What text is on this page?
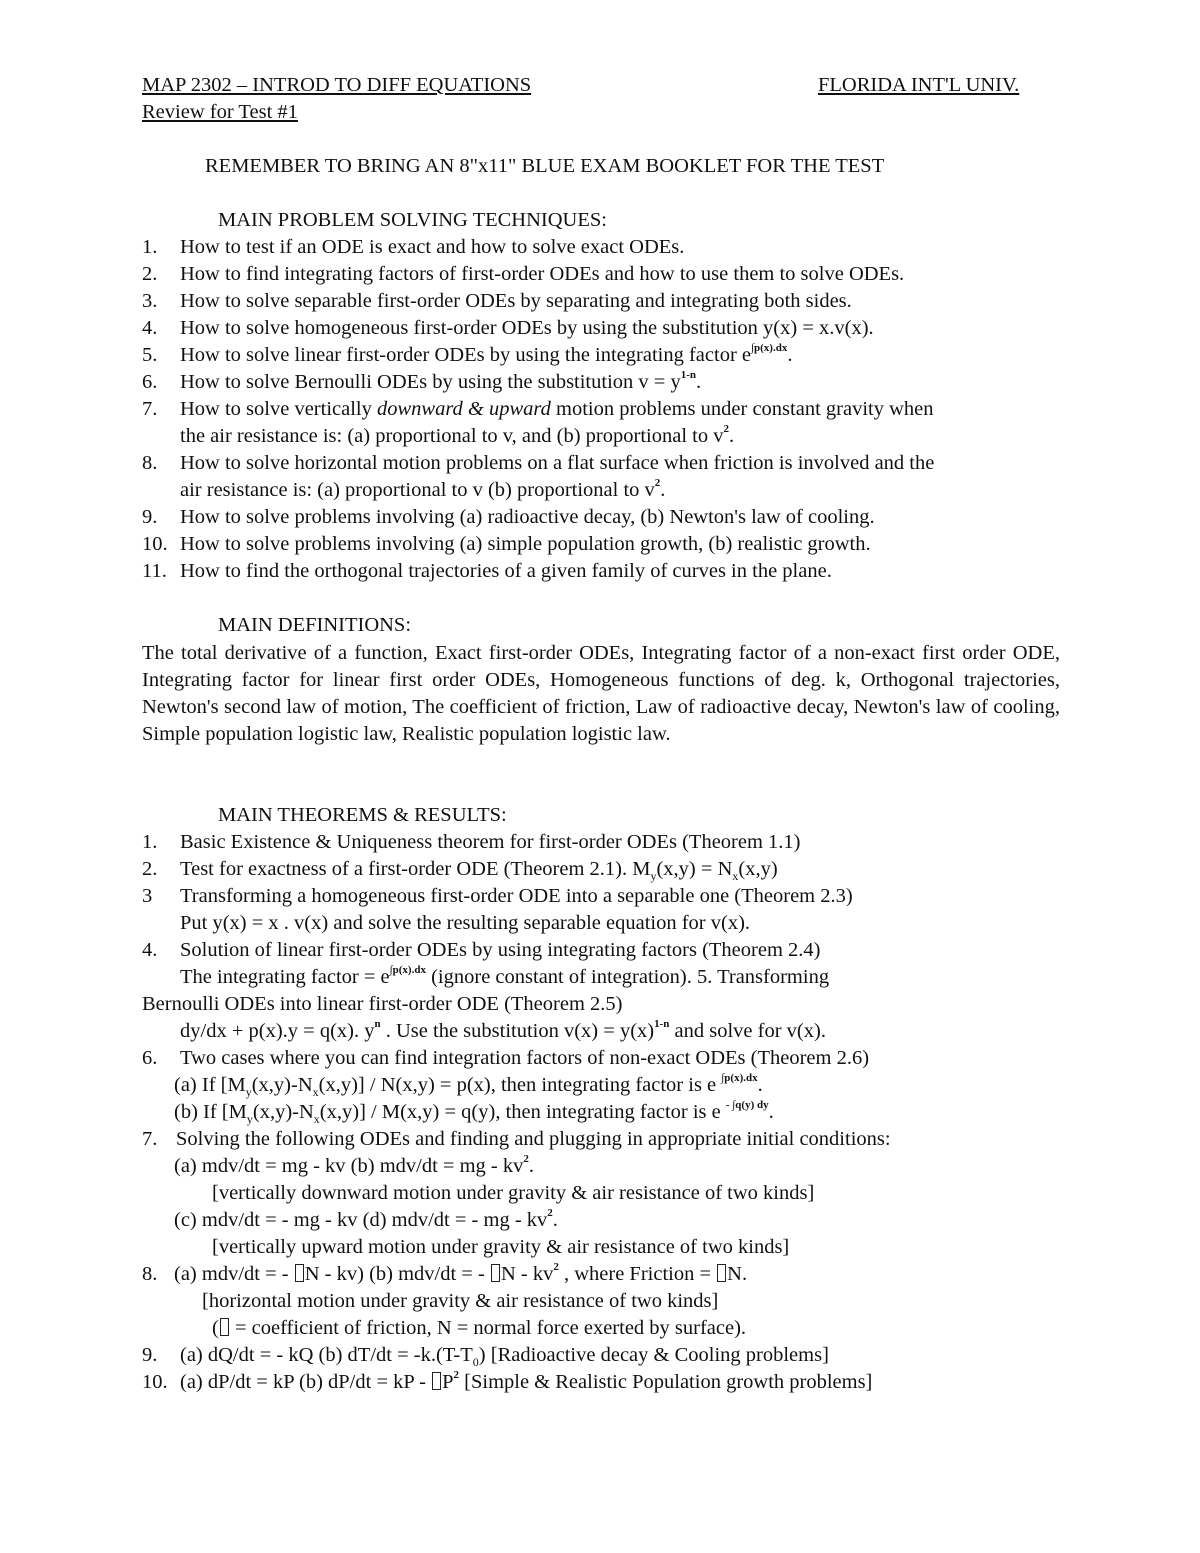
MAP 2302 – INTROD TO DIFF EQUATIONS	FLORIDA INT'L UNIV.
Review for Test #1
REMEMBER TO BRING AN 8"x11" BLUE EXAM BOOKLET FOR THE TEST
MAIN PROBLEM SOLVING TECHNIQUES:
1. How to test if an ODE is exact and how to solve exact ODEs.
2. How to find integrating factors of first-order ODEs and how to use them to solve ODEs.
3. How to solve separable first-order ODEs by separating and integrating both sides.
4. How to solve homogeneous first-order ODEs by using the substitution y(x) = x.v(x).
5. How to solve linear first-order ODEs by using the integrating factor $e^{\int p(x).dx}$.
6. How to solve Bernoulli ODEs by using the substitution $v = y^{1-n}$.
7. How to solve vertically downward & upward motion problems under constant gravity when
the air resistance is: (a) proportional to v, and (b) proportional to $v^2$.
8. How to solve horizontal motion problems on a flat surface when friction is involved and the
air resistance is: (a) proportional to v (b) proportional to $v^2$.
9. How to solve problems involving (a) radioactive decay, (b) Newton's law of cooling.
10. How to solve problems involving (a) simple population growth, (b) realistic growth.
11. How to find the orthogonal trajectories of a given family of curves in the plane.
MAIN DEFINITIONS:
The total derivative of a function, Exact first-order ODEs, Integrating factor of a non-exact first order ODE, Integrating factor for linear first order ODEs, Homogeneous functions of deg. k, Orthogonal trajectories, Newton's second law of motion, The coefficient of friction, Law of radioactive decay, Newton's law of cooling, Simple population logistic law, Realistic population logistic law.
MAIN THEOREMS & RESULTS:
1. Basic Existence & Uniqueness theorem for first-order ODEs (Theorem 1.1)
2. Test for exactness of a first-order ODE (Theorem 2.1). $M_y(x,y) = N_x(x,y)$
3 Transforming a homogeneous first-order ODE into a separable one (Theorem 2.3)
Put y(x) = x . v(x) and solve the resulting separable equation for v(x).
4. Solution of linear first-order ODEs by using integrating factors (Theorem 2.4)
The integrating factor = $e^{\int p(x).dx}$ (ignore constant of integration). 5. Transforming
Bernoulli ODEs into linear first-order ODE (Theorem 2.5)
dy/dx + p(x).y = q(x). $y^n$ . Use the substitution $v(x) = y(x)^{1-n}$ and solve for v(x).
6. Two cases where you can find integration factors of non-exact ODEs (Theorem 2.6)
(a) If $[M_y(x,y)-N_x(x,y)] / N(x,y) = p(x)$, then integrating factor is e $^{\int p(x).dx}$.
(b) If $[M_y(x,y)-N_x(x,y)] / M(x,y) = q(y)$, then integrating factor is e $^{- \int q(y) dy}$.
7. Solving the following ODEs and finding and plugging in appropriate initial conditions:
(a) mdv/dt = mg - kv (b) mdv/dt = mg - $kv^2$.
[vertically downward motion under gravity & air resistance of two kinds]
(c) mdv/dt = - mg - kv (d) mdv/dt = - mg - $kv^2$.
[vertically upward motion under gravity & air resistance of two kinds]
8. (a) mdv/dt = - N - kv) (b) mdv/dt = - N - $kv^2$ , where Friction = N.
[horizontal motion under gravity & air resistance of two kinds]
( = coefficient of friction, N = normal force exerted by surface).
9. (a) dQ/dt = - kQ (b) $dT/dt = -k.(T-T_0)$ [Radioactive decay & Cooling problems]
10. (a) dP/dt = kP (b) dP/dt = kP - $P^2$ [Simple & Realistic Population growth problems]
